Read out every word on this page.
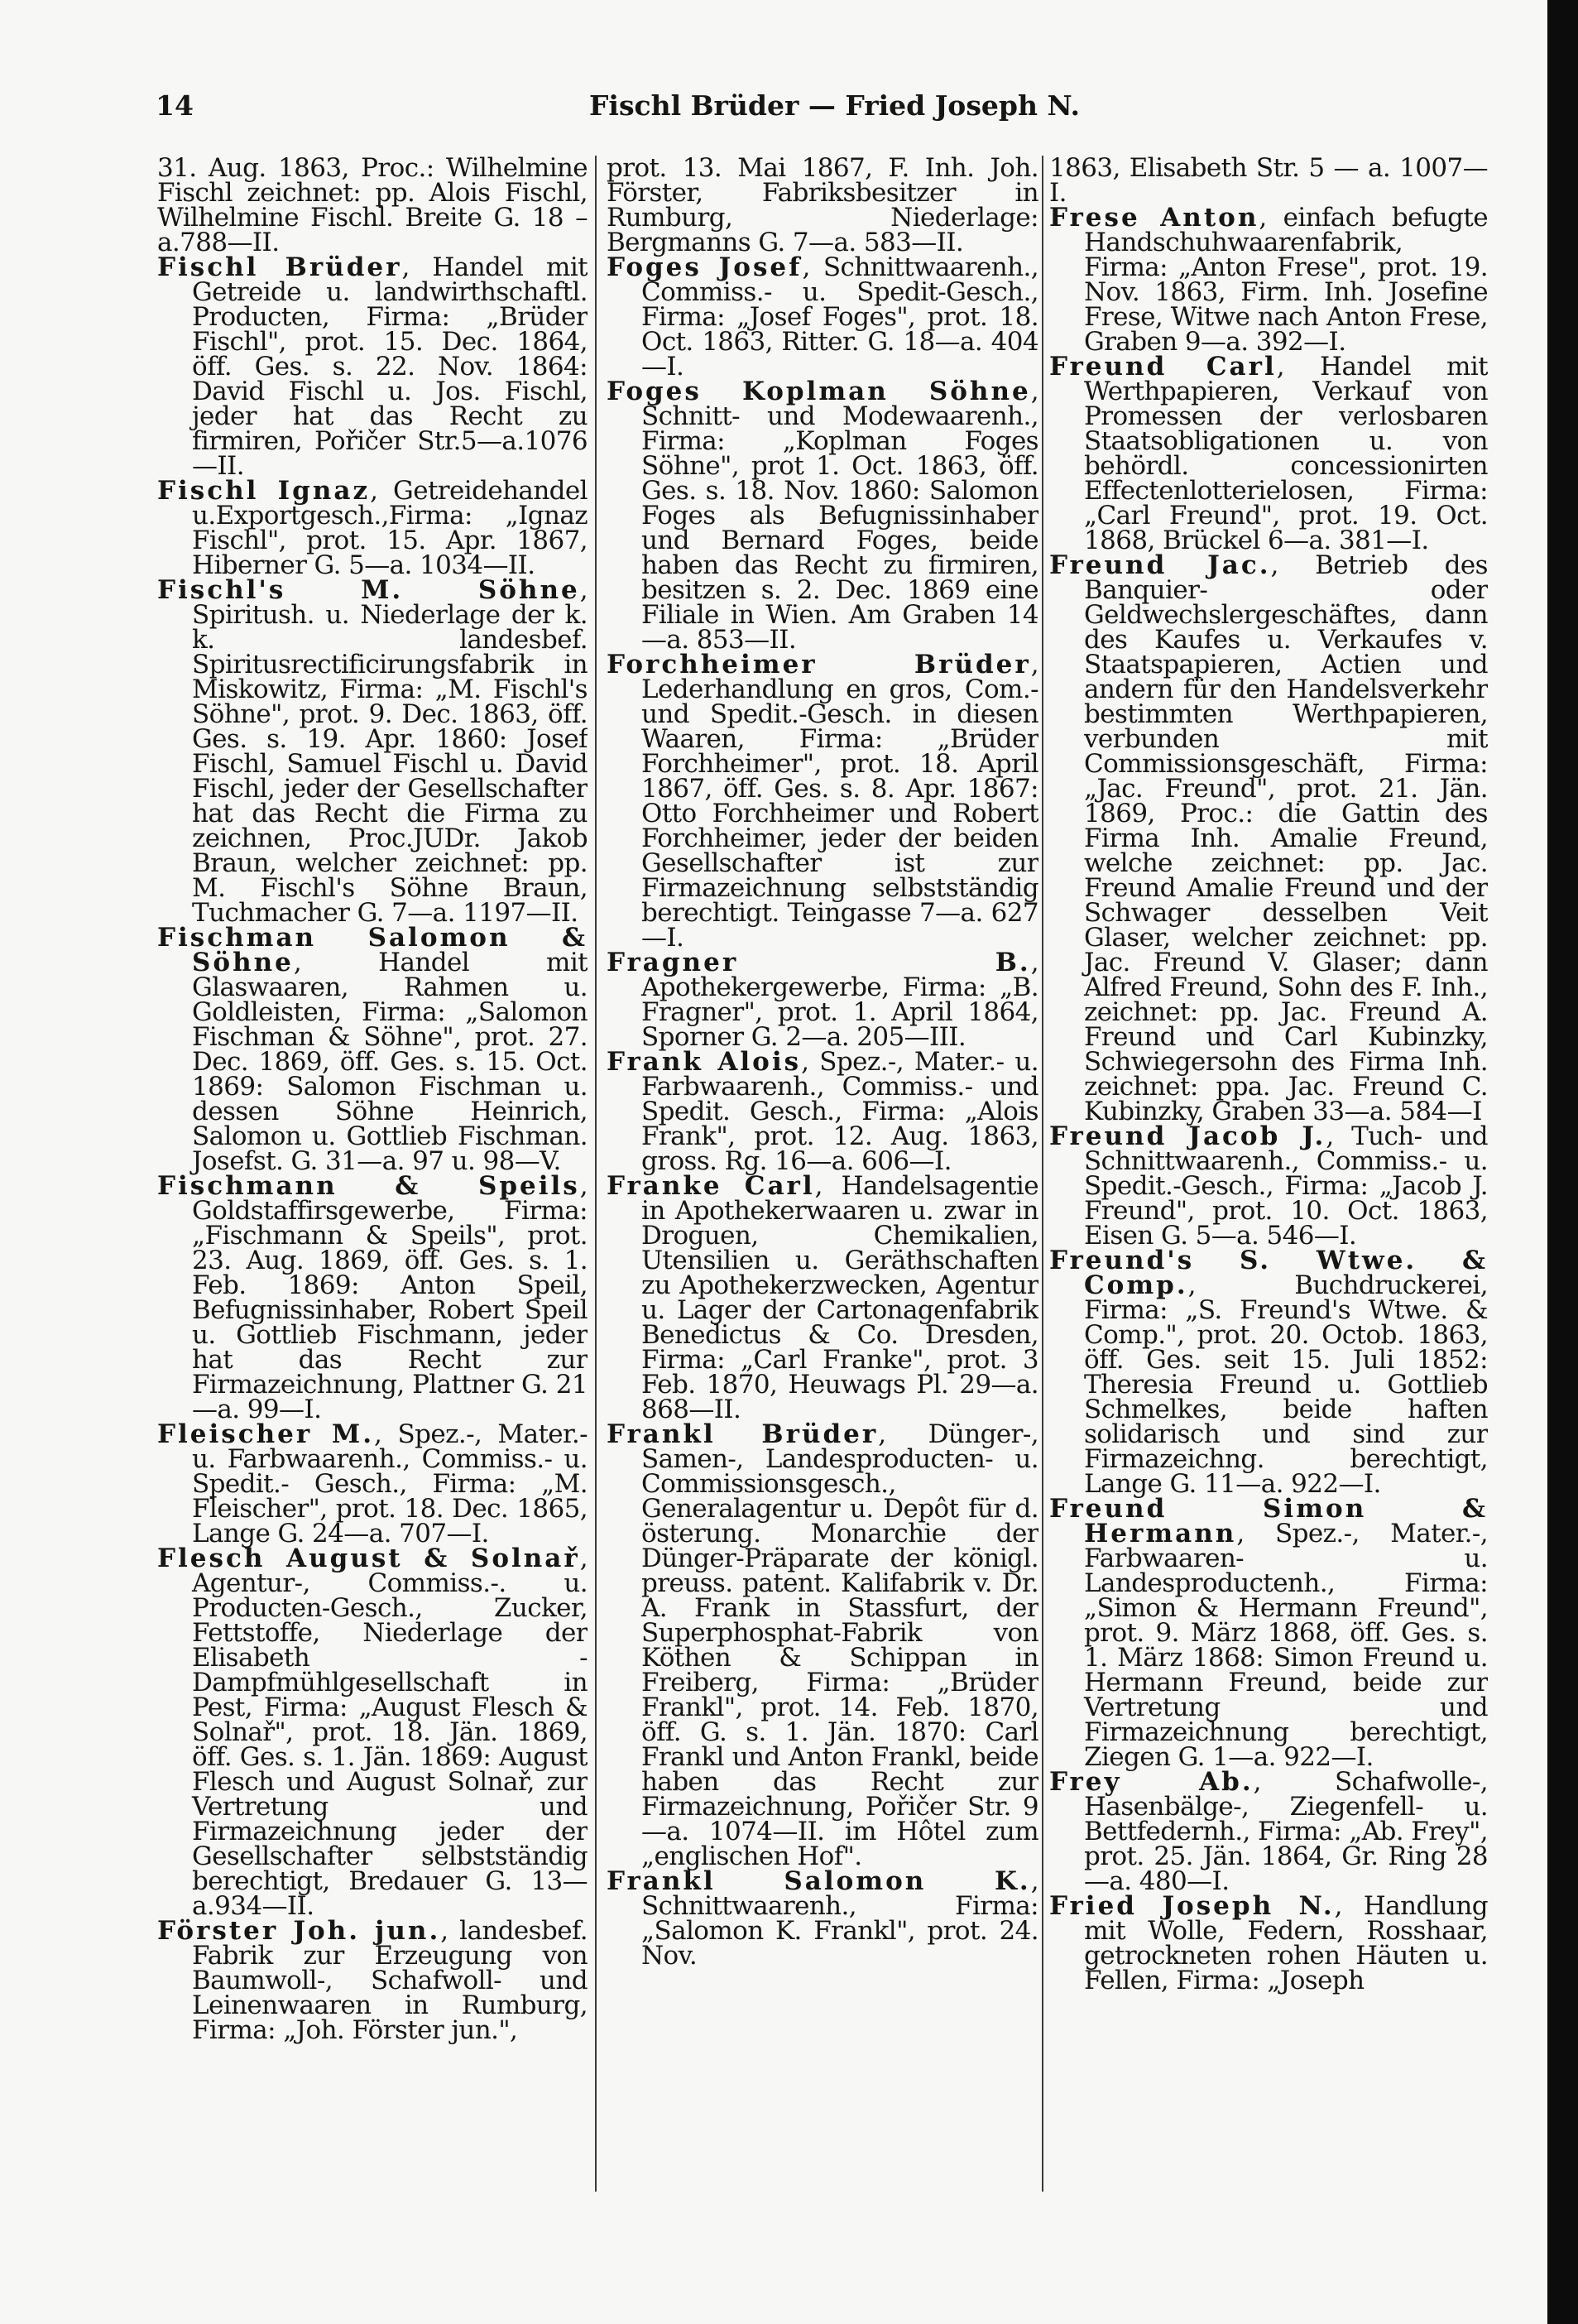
14	Fischl Brüder — Fried Joseph N.

31. Aug. 1863, Proc.: Wilhelmine Fischl zeichnet: pp. Alois Fischl, Wilhelmine Fischl. Breite G. 18 –a.788—II.

Fischl Brüder, Handel mit Getreide u. landwirthschaftl. Producten, Firma: „Brüder Fischl", prot. 15. Dec. 1864, öff. Ges. s. 22. Nov. 1864: David Fischl u. Jos. Fischl, jeder hat das Recht zu firmiren, Pořičer Str.5—a.1076—II.

Fischl Ignaz, Getreidehandel u.Exportgesch.,Firma: „Ignaz Fischl", prot. 15. Apr. 1867, Hiberner G. 5—a. 1034—II.

Fischl's M. Söhne, Spiritush. u. Niederlage der k. k. landesbef. Spiritusrectificirungsfabrik in Miskowitz, Firma: „M. Fischl's Söhne", prot. 9. Dec. 1863, öff. Ges. s. 19. Apr. 1860: Josef Fischl, Samuel Fischl u. David Fischl, jeder der Gesellschafter hat das Recht die Firma zu zeichnen, Proc.JUDr. Jakob Braun, welcher zeichnet: pp. M. Fischl's Söhne Braun, Tuchmacher G. 7—a. 1197—II.

Fischman Salomon & Söhne, Handel mit Glaswaaren, Rahmen u. Goldleisten, Firma: „Salomon Fischman & Söhne", prot. 27. Dec. 1869, öff. Ges. s. 15. Oct. 1869: Salomon Fischman u. dessen Söhne Heinrich, Salomon u. Gottlieb Fischman. Josefst. G. 31—a. 97 u. 98—V.

Fischmann & Speils, Goldstaffirsgewerbe, Firma: „Fischmann & Speils", prot. 23. Aug. 1869, öff. Ges. s. 1. Feb. 1869: Anton Speil, Befugnissinhaber, Robert Speil u. Gottlieb Fischmann, jeder hat das Recht zur Firmazeichnung, Plattner G. 21—a. 99—I.

Fleischer M., Spez.-, Mater.- u. Farbwaarenh., Commiss.- u. Spedit.- Gesch., Firma: „M. Fleischer", prot. 18. Dec. 1865, Lange G. 24—a. 707—I.

Flesch August & Solnař, Agentur-, Commiss.-. u. Producten-Gesch., Zucker, Fettstoffe, Niederlage der Elisabeth - Dampfmühlgesellschaft in Pest, Firma: „August Flesch & Solnař", prot. 18. Jän. 1869, öff. Ges. s. 1. Jän. 1869: August Flesch und August Solnař, zur Vertretung und Firmazeichnung jeder der Gesellschafter selbstständig berechtigt, Bredauer G. 13—a.934—II.

Förster Joh. jun., landesbef. Fabrik zur Erzeugung von Baumwoll-, Schafwoll- und Leinenwaaren in Rumburg, Firma: „Joh. Förster jun.",

prot. 13. Mai 1867, F. Inh. Joh. Förster, Fabriksbesitzer in Rumburg, Niederlage: Bergmanns G. 7—a. 583—II.

Foges Josef, Schnittwaarenh., Commiss.- u. Spedit-Gesch., Firma: „Josef Foges", prot. 18. Oct. 1863, Ritter. G. 18—a. 404—I.

Foges Koplman Söhne, Schnitt- und Modewaarenh., Firma: „Koplman Foges Söhne", prot 1. Oct. 1863, öff. Ges. s. 18. Nov. 1860: Salomon Foges als Befugnissinhaber und Bernard Foges, beide haben das Recht zu firmiren, besitzen s. 2. Dec. 1869 eine Filiale in Wien. Am Graben 14—a. 853—II.

Forchheimer Brüder, Lederhandlung en gros, Com.- und Spedit.-Gesch. in diesen Waaren, Firma: „Brüder Forchheimer", prot. 18. April 1867, öff. Ges. s. 8. Apr. 1867: Otto Forchheimer und Robert Forchheimer, jeder der beiden Gesellschafter ist zur Firmazeichnung selbstständig berechtigt. Teingasse 7—a. 627—I.

Fragner B., Apothekergewerbe, Firma: „B. Fragner", prot. 1. April 1864, Sporner G. 2—a. 205—III.

Frank Alois, Spez.-, Mater.- u. Farbwaarenh., Commiss.- und Spedit. Gesch., Firma: „Alois Frank", prot. 12. Aug. 1863, gross. Rg. 16—a. 606—I.

Franke Carl, Handelsagentie in Apothekerwaaren u. zwar in Droguen, Chemikalien, Utensilien u. Geräthschaften zu Apothekerzwecken, Agentur u. Lager der Cartonagenfabrik Benedictus & Co. Dresden, Firma: „Carl Franke", prot. 3 Feb. 1870, Heuwags Pl. 29—a. 868—II.

Frankl Brüder, Dünger-, Samen-, Landesproducten- u. Commissionsgesch., Generalagentur u. Depôt für d. österung. Monarchie der Dünger-Präparate der königl. preuss. patent. Kalifabrik v. Dr. A. Frank in Stassfurt, der Superphosphat-Fabrik von Köthen & Schippan in Freiberg, Firma: „Brüder Frankl", prot. 14. Feb. 1870, öff. G. s. 1. Jän. 1870: Carl Frankl und Anton Frankl, beide haben das Recht zur Firmazeichnung, Pořičer Str. 9—a. 1074—II. im Hôtel zum „englischen Hof".

Frankl Salomon K., Schnittwaarenh., Firma: „Salomon K. Frankl", prot. 24. Nov.

1863, Elisabeth Str. 5 — a. 1007—I.

Frese Anton, einfach befugte Handschuhwaarenfabrik, Firma: „Anton Frese", prot. 19. Nov. 1863, Firm. Inh. Josefine Frese, Witwe nach Anton Frese, Graben 9—a. 392—I.

Freund Carl, Handel mit Werthpapieren, Verkauf von Promessen der verlosbaren Staatsobligationen u. von behördl. concessionirten Effectenlotterielosen, Firma: „Carl Freund", prot. 19. Oct. 1868, Brückel 6—a. 381—I.

Freund Jac., Betrieb des Banquier- oder Geldwechslergeschäftes, dann des Kaufes u. Verkaufes v. Staatspapieren, Actien und andern für den Handelsverkehr bestimmten Werthpapieren, verbunden mit Commissionsgeschäft, Firma: „Jac. Freund", prot. 21. Jän. 1869, Proc.: die Gattin des Firma Inh. Amalie Freund, welche zeichnet: pp. Jac. Freund Amalie Freund und der Schwager desselben Veit Glaser, welcher zeichnet: pp. Jac. Freund V. Glaser; dann Alfred Freund, Sohn des F. Inh., zeichnet: pp. Jac. Freund A. Freund und Carl Kubinzky, Schwiegersohn des Firma Inh. zeichnet: ppa. Jac. Freund C. Kubinzky, Graben 33—a. 584—I

Freund Jacob J., Tuch- und Schnittwaarenh., Commiss.- u. Spedit.-Gesch., Firma: „Jacob J. Freund", prot. 10. Oct. 1863, Eisen G. 5—a. 546—I.

Freund's S. Wtwe. & Comp., Buchdruckerei, Firma: „S. Freund's Wtwe. & Comp.", prot. 20. Octob. 1863, öff. Ges. seit 15. Juli 1852: Theresia Freund u. Gottlieb Schmelkes, beide haften solidarisch und sind zur Firmazeichng. berechtigt, Lange G. 11—a. 922—I.

Freund Simon & Hermann, Spez.-, Mater.-, Farbwaaren- u. Landesproductenh., Firma: „Simon & Hermann Freund", prot. 9. März 1868, öff. Ges. s. 1. März 1868: Simon Freund u. Hermann Freund, beide zur Vertretung und Firmazeichnung berechtigt, Ziegen G. 1—a. 922—I.

Frey Ab., Schafwolle-, Hasenbälge-, Ziegenfell- u. Bettfedernh., Firma: „Ab. Frey", prot. 25. Jän. 1864, Gr. Ring 28—a. 480—I.

Fried Joseph N., Handlung mit Wolle, Federn, Rosshaar, getrockneten rohen Häuten u. Fellen, Firma: „Joseph
